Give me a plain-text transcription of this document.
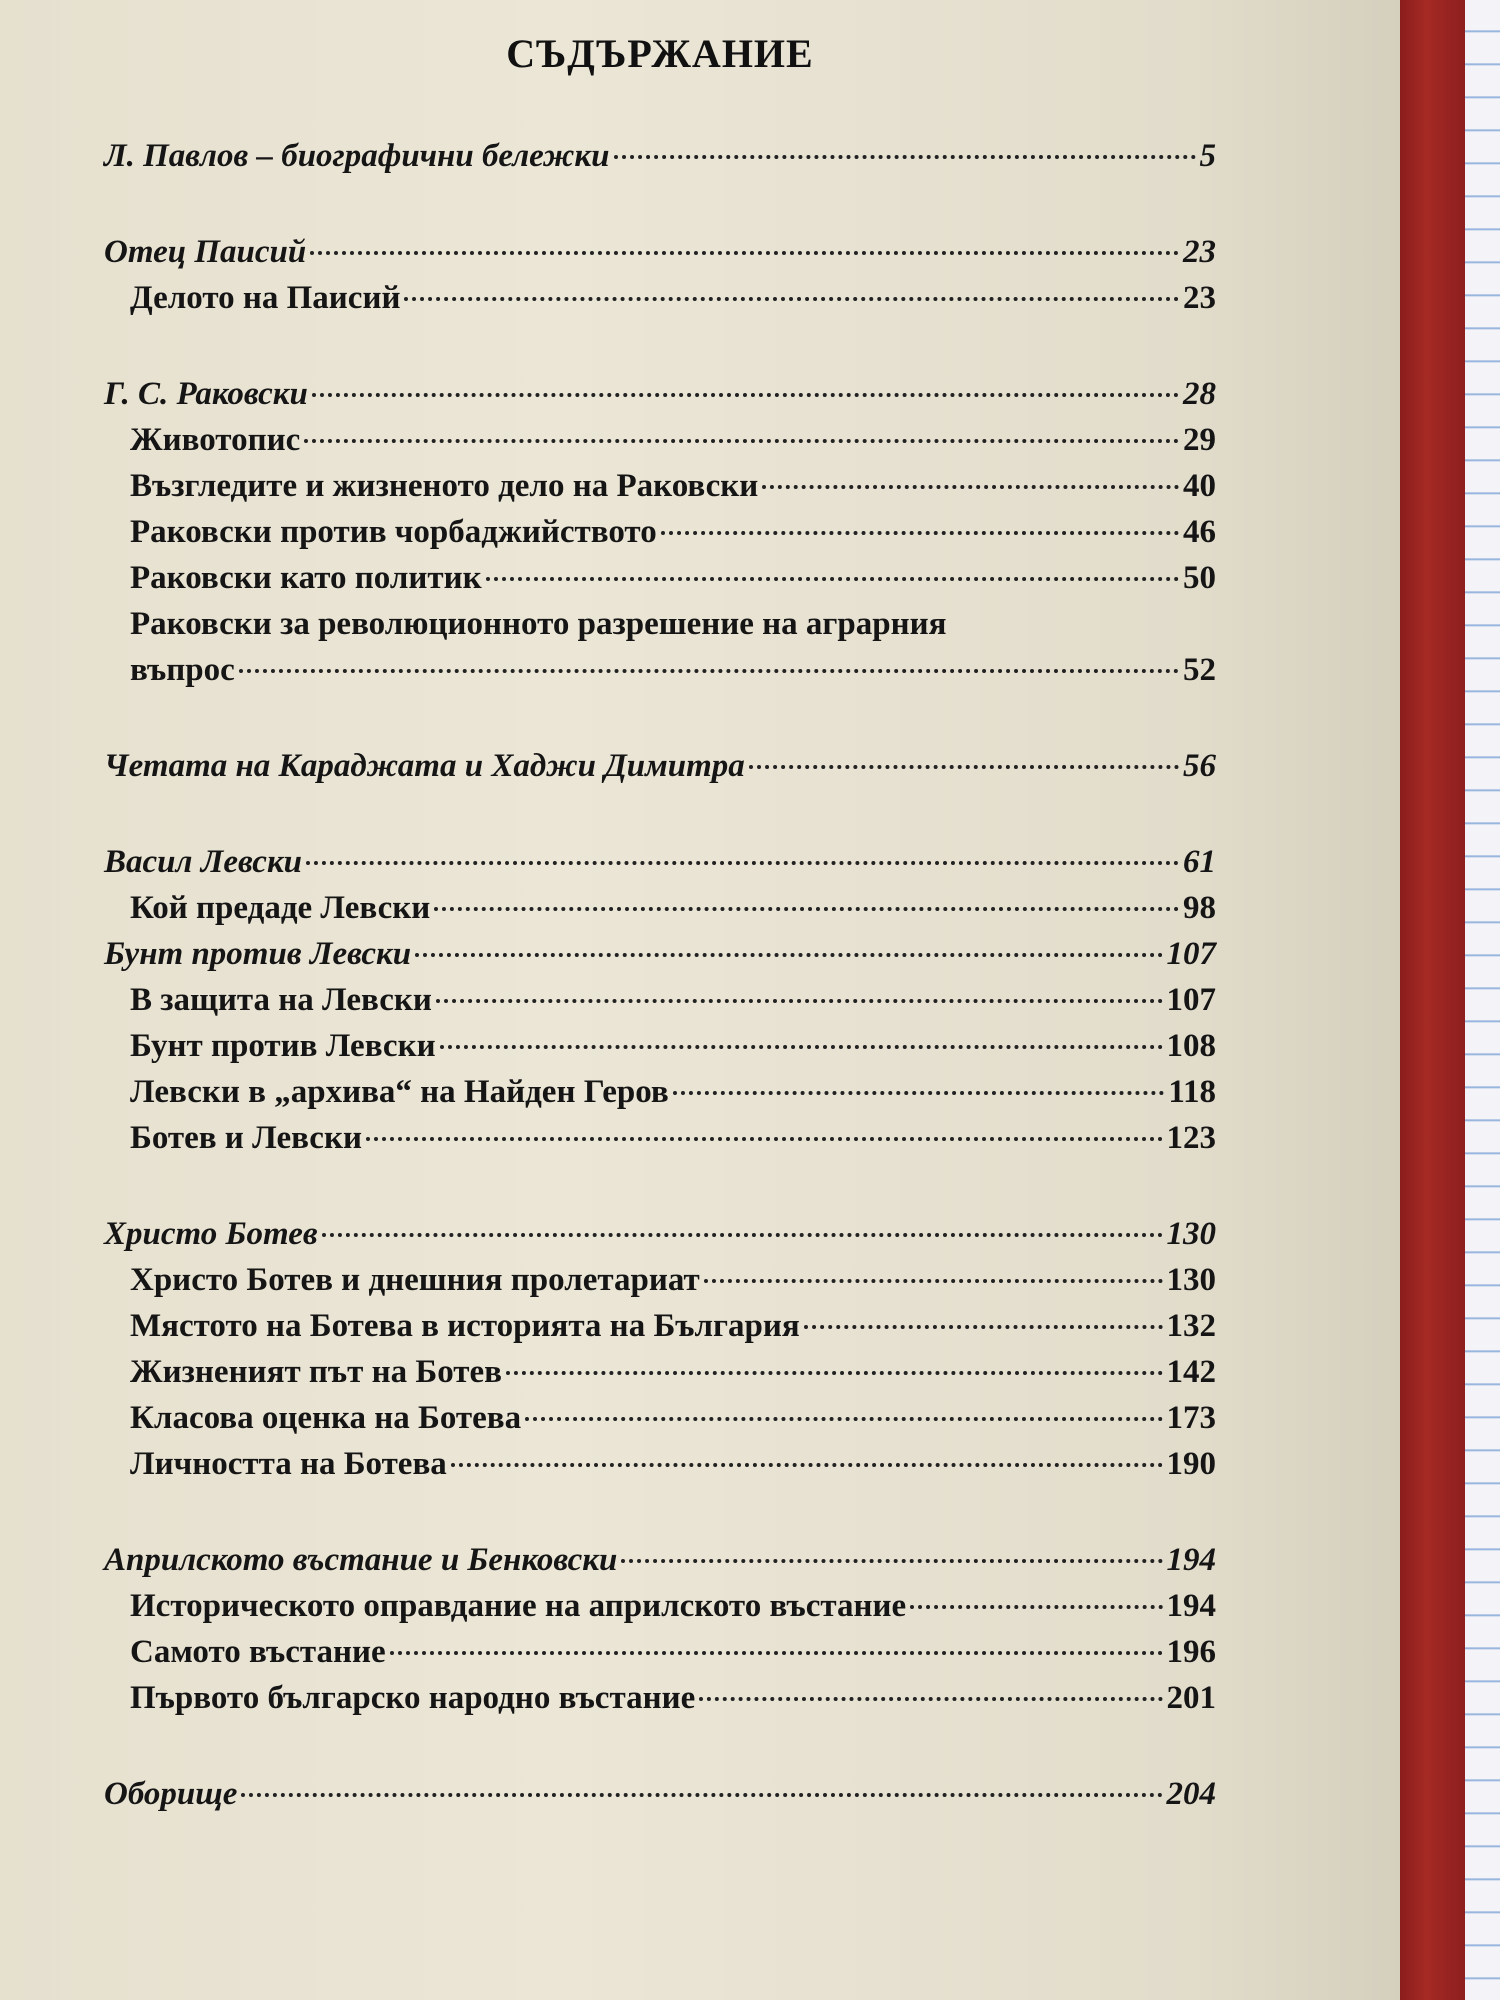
СЪДЪРЖАНИЕ
Л. Павлов – биографични бележки	5
Отец Паисий	23
Делото на Паисий	23
Г. С. Раковски	28
Животопис	29
Възгледите и жизненото дело на Раковски	40
Раковски против чорбаджийството	46
Раковски като политик	50
Раковски за революционното разрешение на аграрния
въпрос	52
Четата на Караджата и Хаджи Димитра	56
Васил Левски	61
Кой предаде Левски	98
Бунт против Левски	107
В защита на Левски	107
Бунт против Левски	108
Левски в „архива“ на Найден Геров	118
Ботев и Левски	123
Христо Ботев	130
Христо Ботев и днешния пролетариат	130
Мястото на Ботева в историята на България	132
Жизненият път на Ботев	142
Класова оценка на Ботева	173
Личността на Ботева	190
Априлското въстание и Бенковски	194
Историческото оправдание на априлското въстание	194
Самото въстание	196
Първото българско народно въстание	201
Оборище	204
